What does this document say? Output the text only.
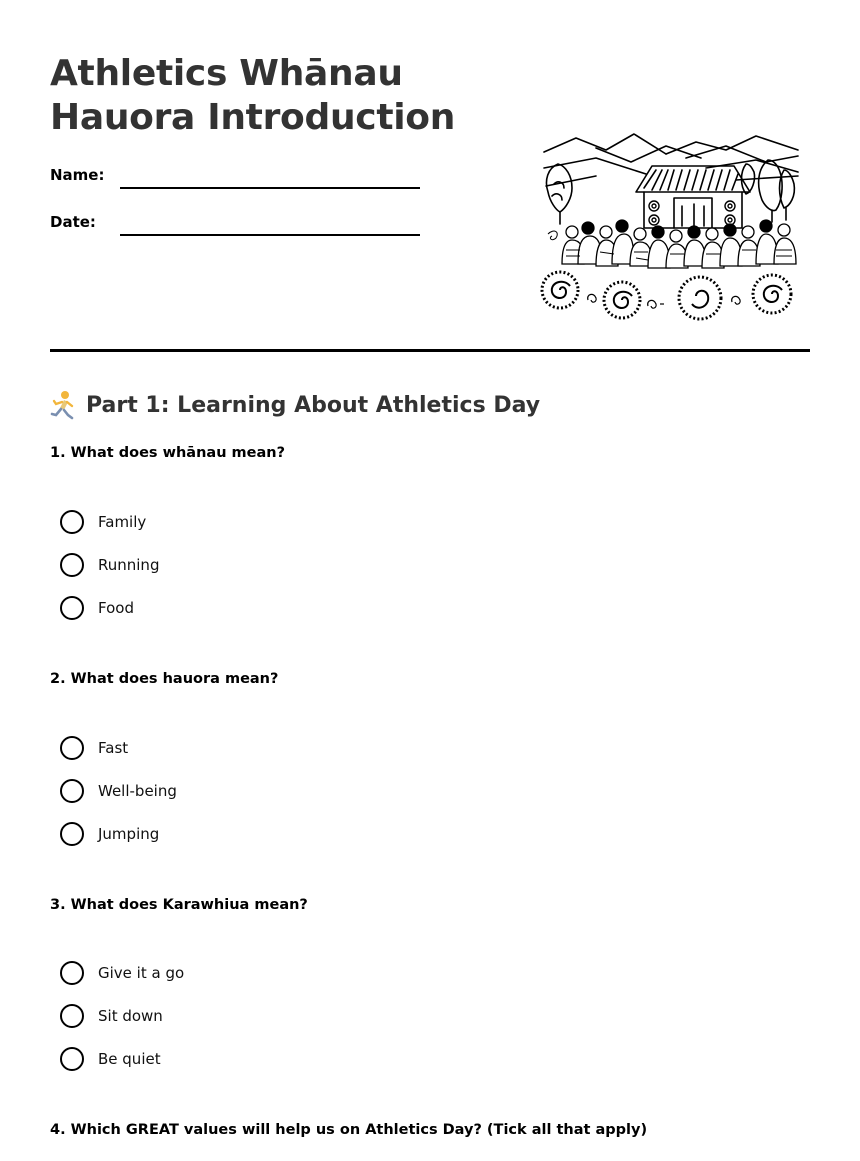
Athletics Whānau
Hauora Introduction
Name:
Date:
Part 1: Learning About Athletics Day
1. What does whānau mean?
Family
Running
Food
2. What does hauora mean?
Fast
Well-being
Jumping
3. What does Karawhiua mean?
Give it a go
Sit down
Be quiet
4. Which GREAT values will help us on Athletics Day? (Tick all that apply)
